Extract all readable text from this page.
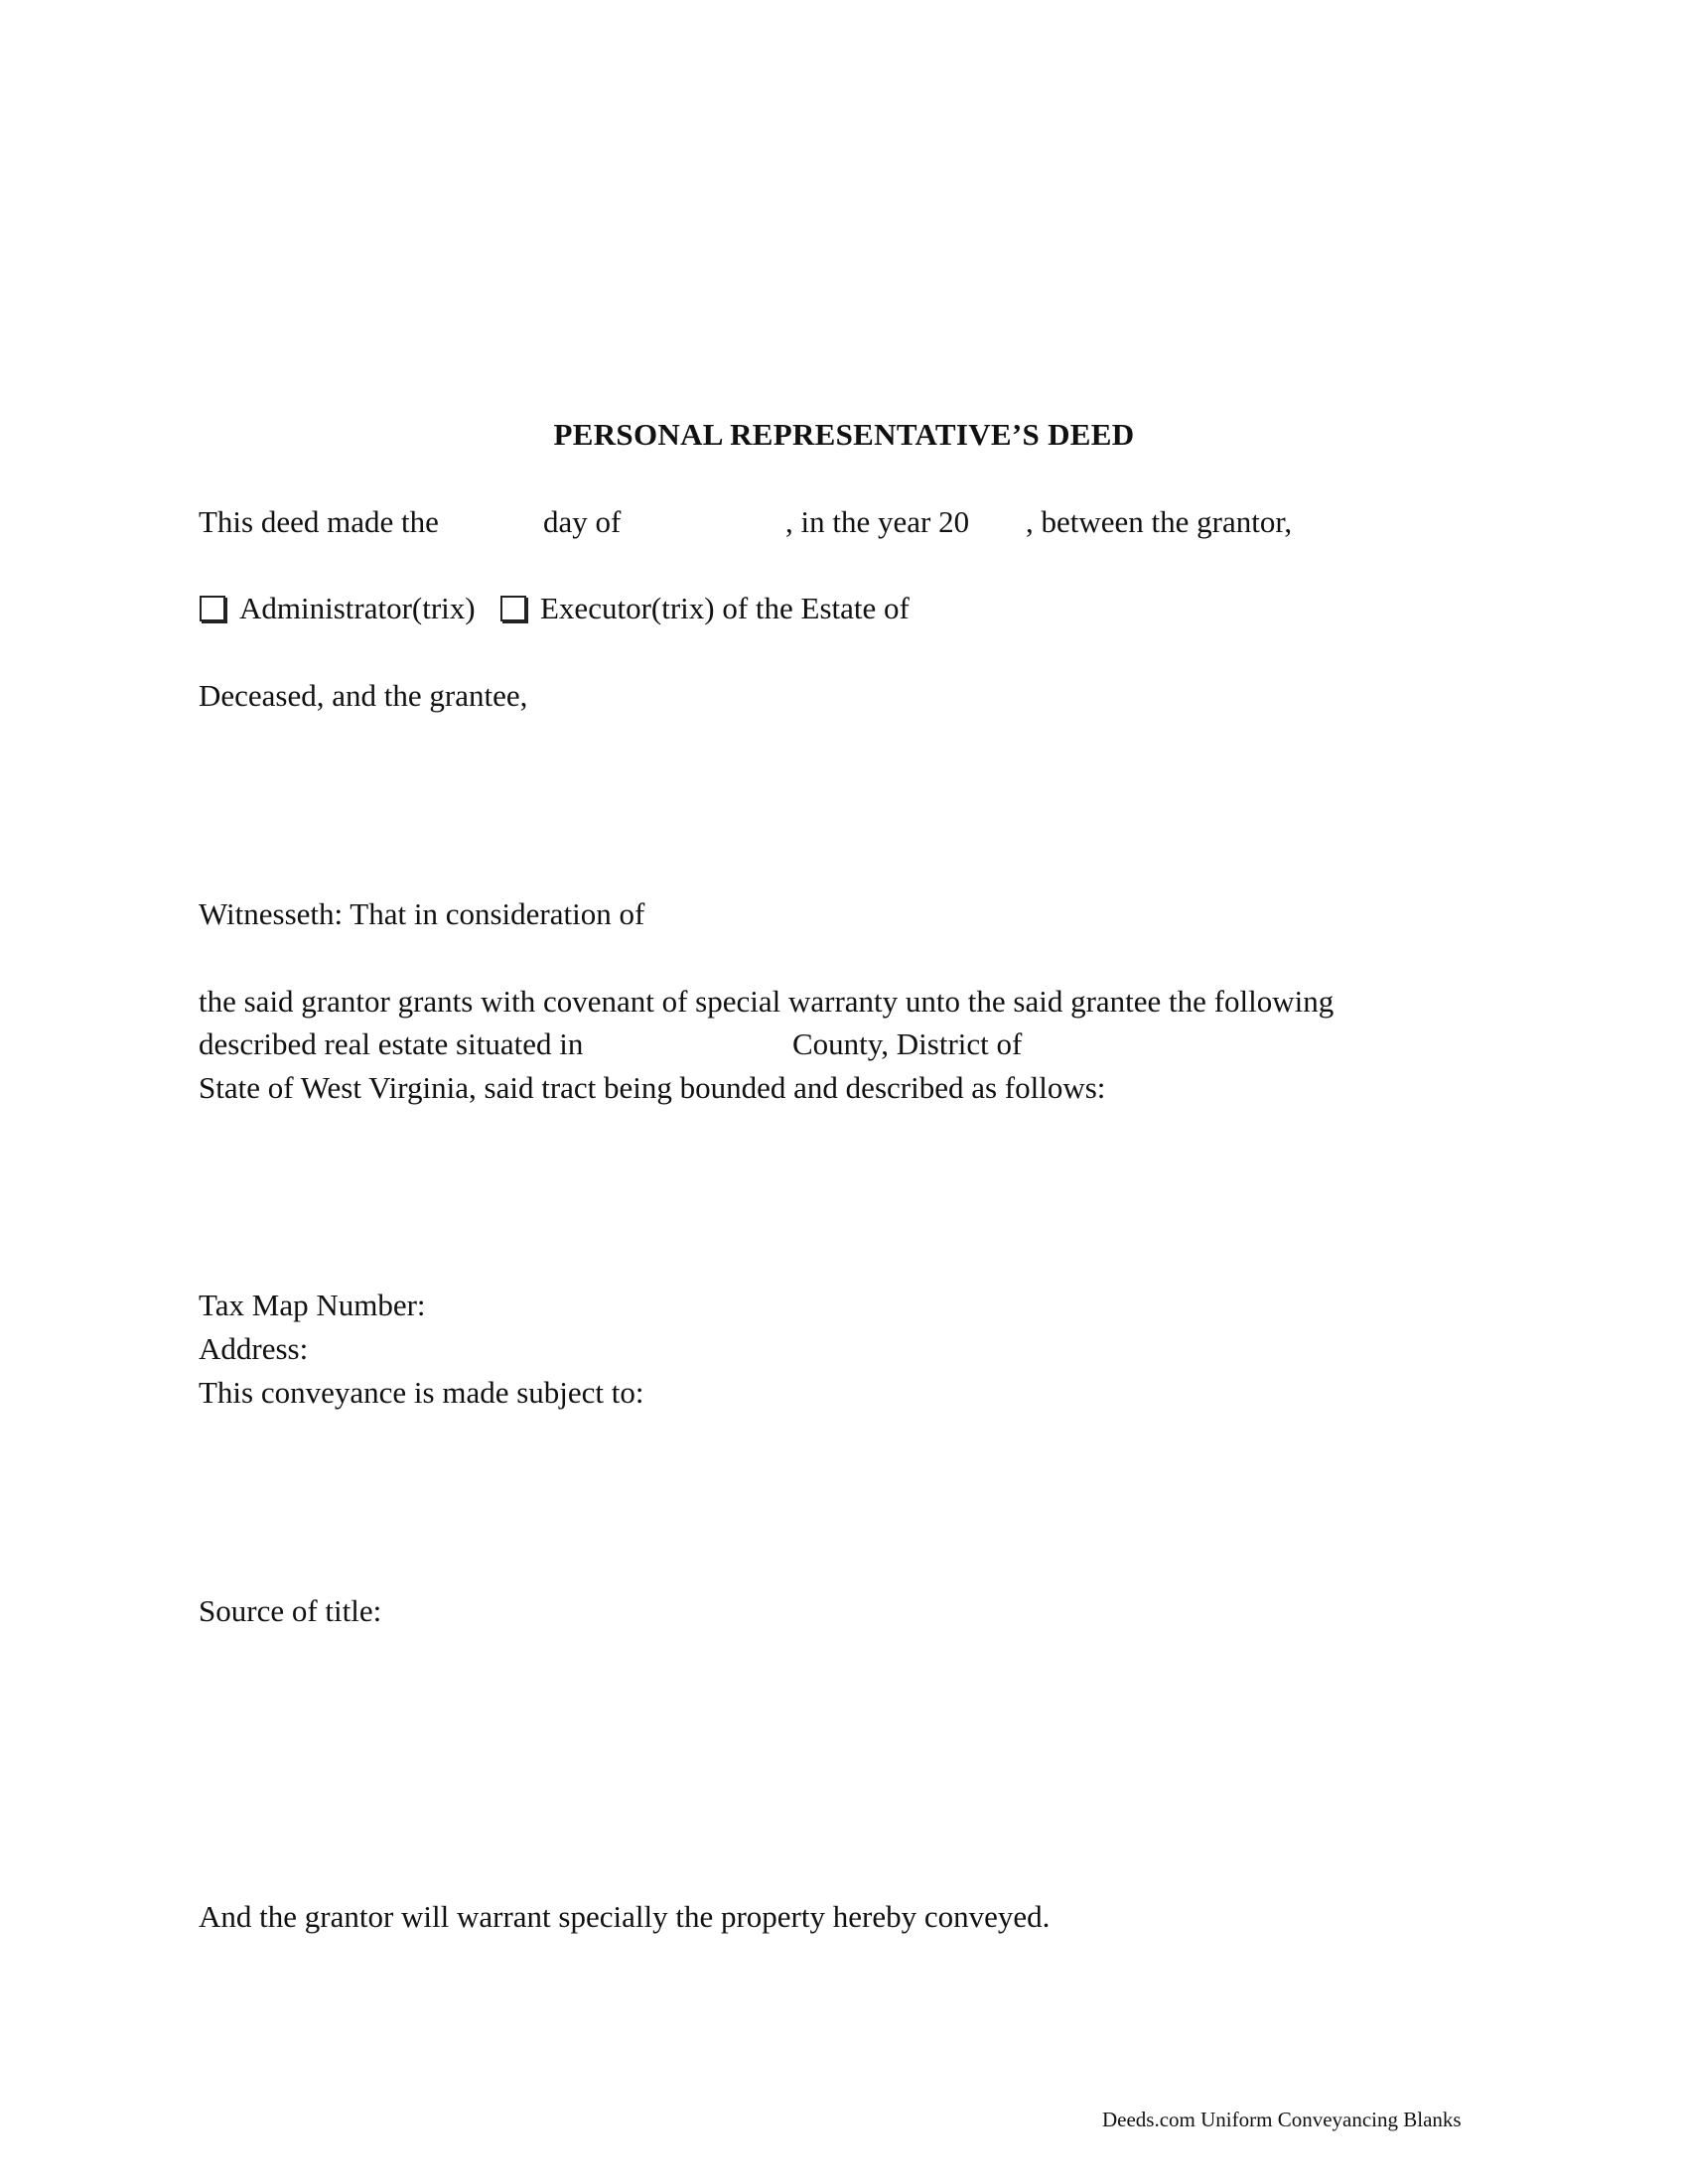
PERSONAL REPRESENTATIVE’S DEED
This deed made the	day of	, in the year 20 , between the grantor,
Administrator(trix) Executor(trix) of the Estate of
Deceased, and the grantee,
Witnesseth: That in consideration of
the said grantor grants with covenant of special warranty unto the said grantee the following
described real estate situated in	County, District of
State of West Virginia, said tract being bounded and described as follows:
Tax Map Number:
Address:
This conveyance is made subject to:
Source of title:
And the grantor will warrant specially the property hereby conveyed.
Deeds.com Uniform Conveyancing Blanks
